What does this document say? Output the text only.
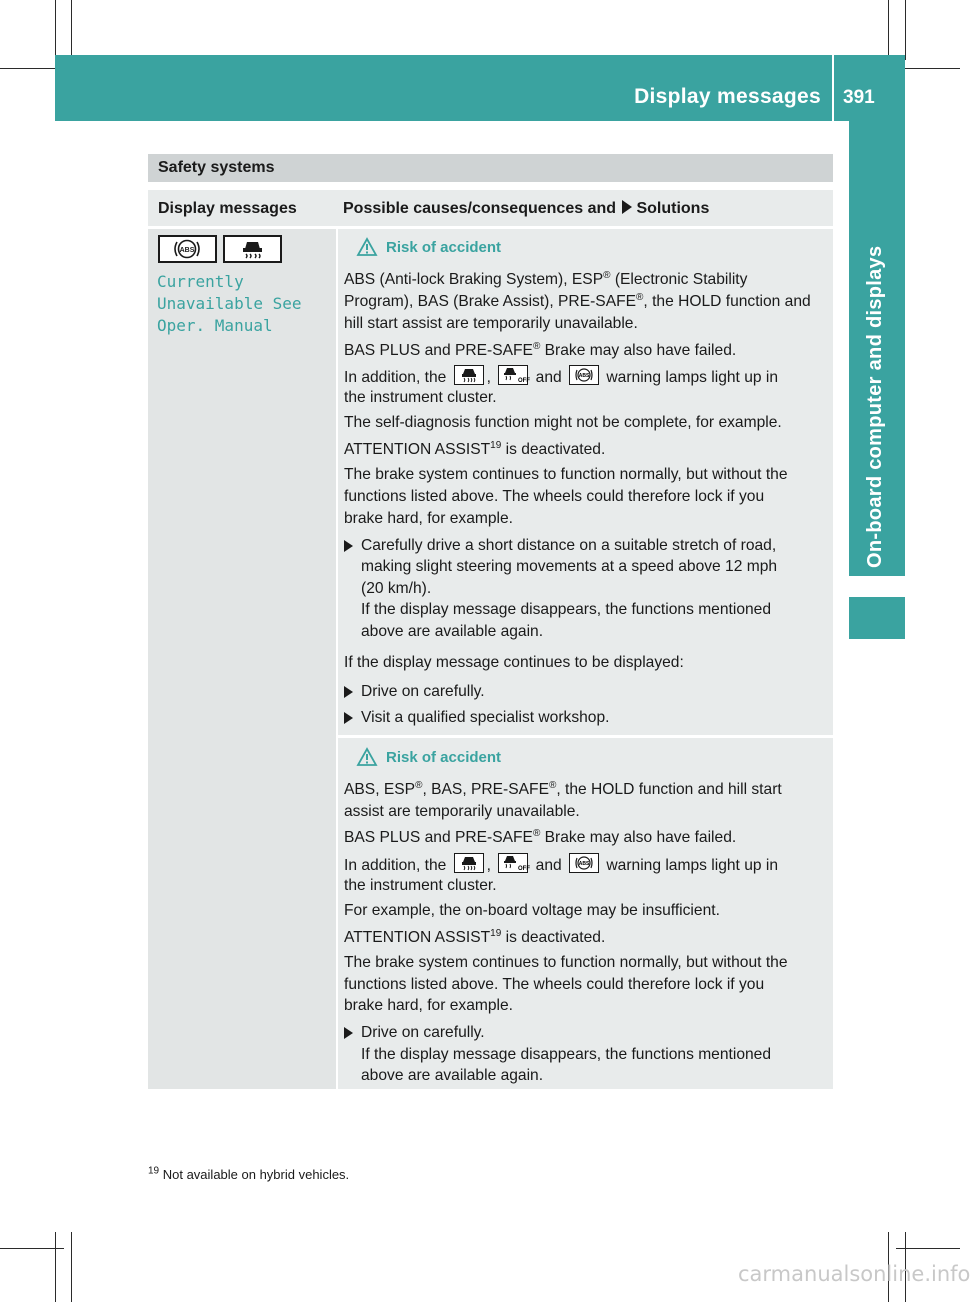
Display messages 391
On-board computer and displays
Safety systems
Display messages	Possible causes/consequences and Solutions
ABS
Currently
Unavailable See
Oper. Manual
Risk of accident
ABS (Anti-lock Braking System), ESP® (Electronic Stability
Program), BAS (Brake Assist), PRE-SAFE®, the HOLD function and
hill start assist are temporarily unavailable.
BAS PLUS and PRE-SAFE® Brake may also have failed.
In addition, the	,	OFF and	ABS warning lamps light up in
the instrument cluster.
The self-diagnosis function might not be complete, for example.
ATTENTION ASSIST$^{19}$ is deactivated.
The brake system continues to function normally, but without the
functions listed above. The wheels could therefore lock if you
brake hard, for example.
Carefully drive a short distance on a suitable stretch of road,
making slight steering movements at a speed above 12 mph
(20 km/h).
If the display message disappears, the functions mentioned
above are available again.
If the display message continues to be displayed:
Drive on carefully.
Visit a qualified specialist workshop.
Risk of accident
ABS, ESP®, BAS, PRE-SAFE®, the HOLD function and hill start
assist are temporarily unavailable.
BAS PLUS and PRE-SAFE® Brake may also have failed.
In addition, the	,	OFF and	ABS warning lamps light up in
the instrument cluster.
For example, the on-board voltage may be insufficient.
ATTENTION ASSIST$^{19}$ is deactivated.
The brake system continues to function normally, but without the
functions listed above. The wheels could therefore lock if you
brake hard, for example.
Drive on carefully.
If the display message disappears, the functions mentioned
above are available again.
$^{19}$ Not available on hybrid vehicles.
carmanualsonline.info
